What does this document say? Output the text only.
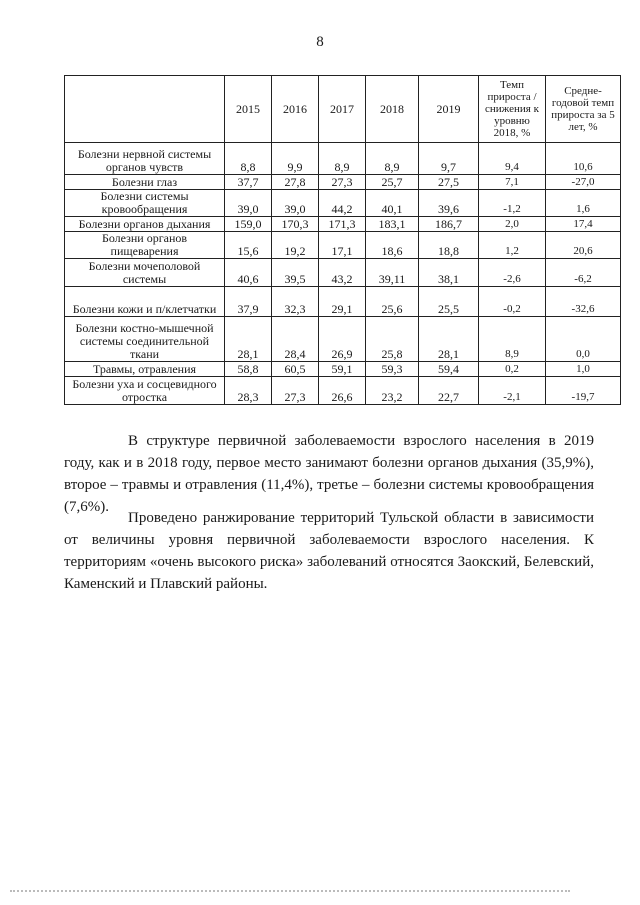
8
	2015	2016	2017	2018	2019	Темп прироста /снижения к уровню 2018, %	Средне-годовой темп прироста за 5 лет, %
Болезни нервной системы органов чувств	8,8	9,9	8,9	8,9	9,7	9,4	10,6
Болезни глаз	37,7	27,8	27,3	25,7	27,5	7,1	-27,0
Болезни системы кровообращения	39,0	39,0	44,2	40,1	39,6	-1,2	1,6
Болезни органов дыхания	159,0	170,3	171,3	183,1	186,7	2,0	17,4
Болезни органов пищеварения	15,6	19,2	17,1	18,6	18,8	1,2	20,6
Болезни мочеполовой системы	40,6	39,5	43,2	39,11	38,1	-2,6	-6,2
Болезни кожи и п/клетчатки	37,9	32,3	29,1	25,6	25,5	-0,2	-32,6
Болезни костно-мышечной системы соединительной ткани	28,1	28,4	26,9	25,8	28,1	8,9	0,0
Травмы, отравления	58,8	60,5	59,1	59,3	59,4	0,2	1,0
Болезни уха и сосцевидного отростка	28,3	27,3	26,6	23,2	22,7	-2,1	-19,7

В структуре первичной заболеваемости взрослого населения в 2019 году, как и в 2018 году, первое место занимают болезни органов дыхания (35,9%), второе – травмы и отравления (11,4%), третье – болезни системы кровообращения (7,6%).

Проведено ранжирование территорий Тульской области в зависимости от величины уровня первичной заболеваемости взрослого населения. К территориям «очень высокого риска» заболеваний относятся Заокский, Белевский, Каменский и Плавский районы.
